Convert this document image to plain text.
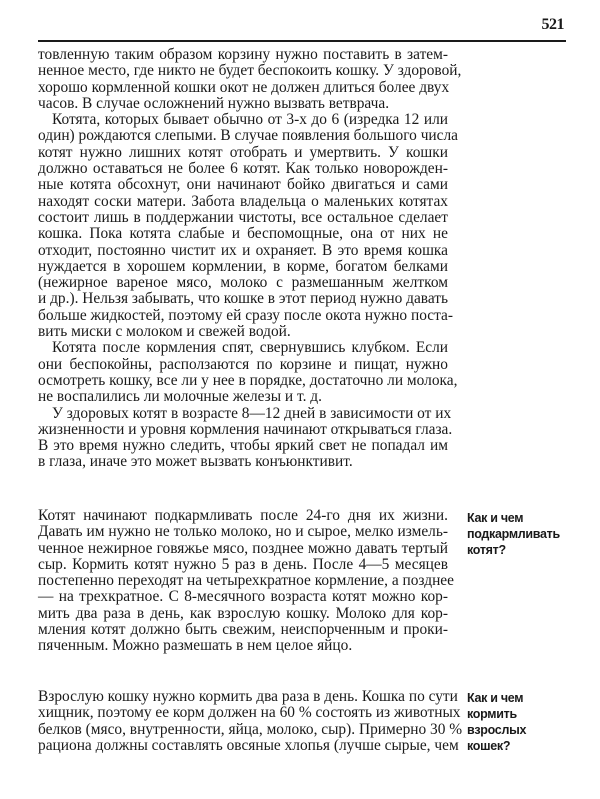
521

товленную таким образом корзину нужно поставить в затем-
ненное место, где никто не будет беспокоить кошку. У здоровой,
хорошо кормленной кошки окот не должен длиться более двух
часов. В случае осложнений нужно вызвать ветврача.

Котята, которых бывает обычно от 3-х до 6 (изредка 12 или
один) рождаются слепыми. В случае появления большого числа
котят нужно лишних котят отобрать и умертвить. У кошки
должно оставаться не более 6 котят. Как только новорожден-
ные котята обсохнут, они начинают бойко двигаться и сами
находят соски матери. Забота владельца о маленьких котятах
состоит лишь в поддержании чистоты, все остальное сделает
кошка. Пока котята слабые и беспомощные, она от них не
отходит, постоянно чистит их и охраняет. В это время кошка
нуждается в хорошем кормлении, в корме, богатом белками
(нежирное вареное мясо, молоко с размешанным желтком
и др.). Нельзя забывать, что кошке в этот период нужно давать
больше жидкостей, поэтому ей сразу после окота нужно поста-
вить миски с молоком и свежей водой.

Котята после кормления спят, свернувшись клубком. Если
они беспокойны, расползаются по корзине и пищат, нужно
осмотреть кошку, все ли у нее в порядке, достаточно ли молока,
не воспалились ли молочные железы и т. д.

У здоровых котят в возрасте 8—12 дней в зависимости от их
жизненности и уровня кормления начинают открываться глаза.
В это время нужно следить, чтобы яркий свет не попадал им
в глаза, иначе это может вызвать конъюнктивит.

Котят начинают подкармливать после 24-го дня их жизни.
Давать им нужно не только молоко, но и сырое, мелко измель-
ченное нежирное говяжье мясо, позднее можно давать тертый
сыр. Кормить котят нужно 5 раз в день. После 4—5 месяцев
постепенно переходят на четырехкратное кормление, а позднее
— на трехкратное. С 8-месячного возраста котят можно кор-
мить два раза в день, как взрослую кошку. Молоко для кор-
мления котят должно быть свежим, неиспорченным и проки-
пяченным. Можно размешать в нем целое яйцо.

Как и чем
подкармливать
котят?

Взрослую кошку нужно кормить два раза в день. Кошка по сути
хищник, поэтому ее корм должен на 60 % состоять из животных
белков (мясо, внутренности, яйца, молоко, сыр). Примерно 30 %
рациона должны составлять овсяные хлопья (лучше сырые, чем

Как и чем
кормить
взрослых
кошек?
